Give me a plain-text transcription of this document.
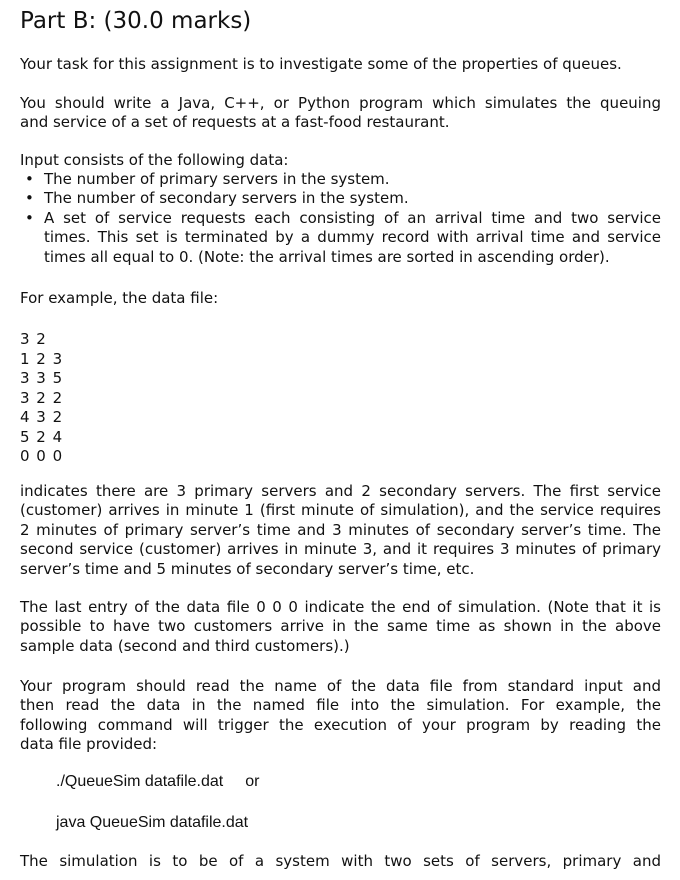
Part B: (30.0 marks)

Your task for this assignment is to investigate some of the properties of queues.

You should write a Java, C++, or Python program which simulates the queuing
and service of a set of requests at a fast-food restaurant.

Input consists of the following data:

• The number of primary servers in the system.
• The number of secondary servers in the system.
• A set of service requests each consisting of an arrival time and two service
times. This set is terminated by a dummy record with arrival time and service
times all equal to 0. (Note: the arrival times are sorted in ascending order).

For example, the data file:

3 2
1 2 3
3 3 5
3 2 2
4 3 2
5 2 4
0 0 0

indicates there are 3 primary servers and 2 secondary servers. The first service
(customer) arrives in minute 1 (first minute of simulation), and the service requires
2 minutes of primary server’s time and 3 minutes of secondary server’s time. The
second service (customer) arrives in minute 3, and it requires 3 minutes of primary
server’s time and 5 minutes of secondary server’s time, etc.

The last entry of the data file 0 0 0 indicate the end of simulation. (Note that it is
possible to have two customers arrive in the same time as shown in the above
sample data (second and third customers).)

Your program should read the name of the data file from standard input and
then read the data in the named file into the simulation. For example, the
following command will trigger the execution of your program by reading the
data file provided:

./QueueSim datafile.dat or

java QueueSim datafile.dat

The simulation is to be of a system with two sets of servers, primary and
